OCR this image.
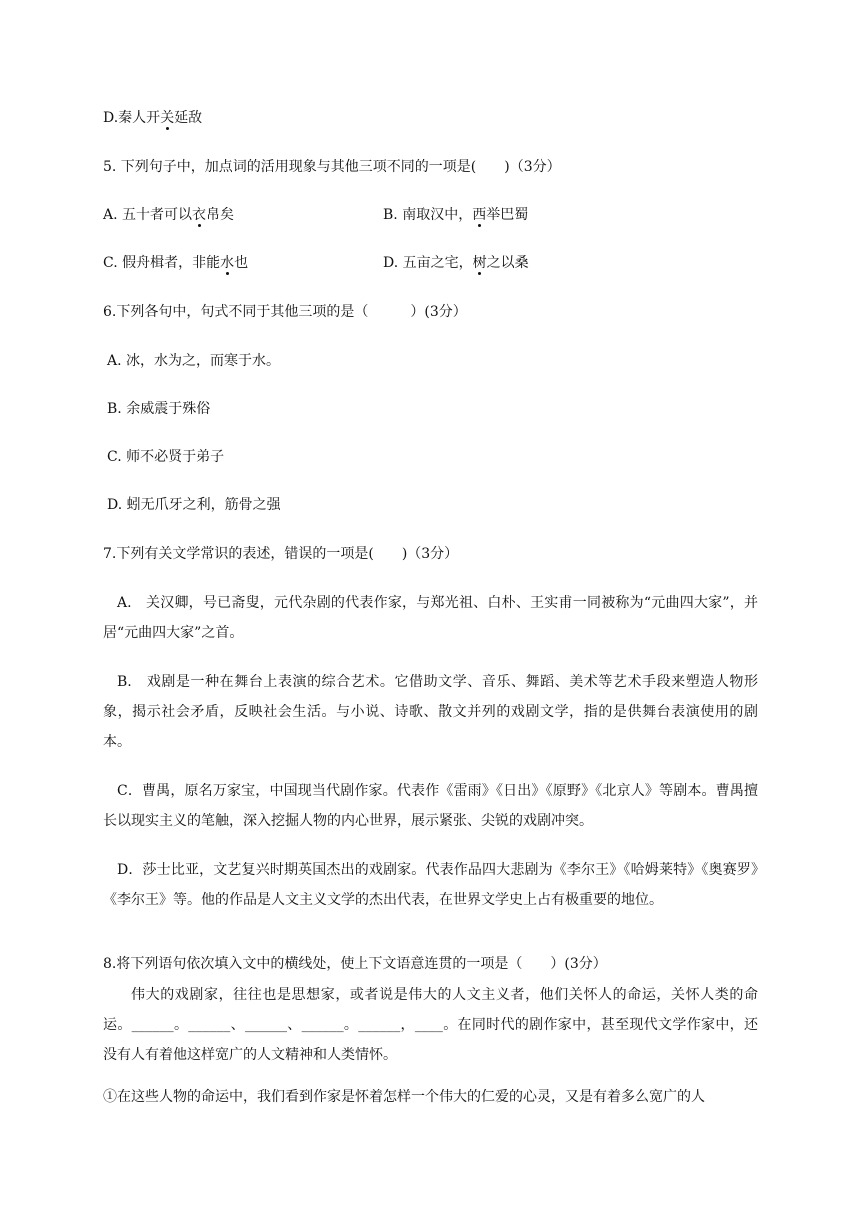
D.秦人开关延敌
5. 下列句子中，加点词的活用现象与其他三项不同的一项是(　　)（3分）
A. 五十者可以衣帛矣	B. 南取汉中，西举巴蜀
C. 假舟楫者，非能水也	D. 五亩之宅，树之以桑
6.下列各句中，句式不同于其他三项的是（　　　）(3分）
A. 冰，水为之，而寒于水。
B. 余威震于殊俗
C. 师不必贤于弟子
D. 蚓无爪牙之利，筋骨之强
7.下列有关文学常识的表述，错误的一项是(　　)（3分）
A.　关汉卿，号已斋叟，元代杂剧的代表作家，与郑光祖、白朴、王实甫一同被称为“元曲四大家”，并居“元曲四大家”之首。
B.　戏剧是一种在舞台上表演的综合艺术。它借助文学、音乐、舞蹈、美术等艺术手段来塑造人物形象，揭示社会矛盾，反映社会生活。与小说、诗歌、散文并列的戏剧文学，指的是供舞台表演使用的剧本。
C．曹禺，原名万家宝，中国现当代剧作家。代表作《雷雨》《日出》《原野》《北京人》等剧本。曹禺擅长以现实主义的笔触，深入挖掘人物的内心世界，展示紧张、尖锐的戏剧冲突。
D．莎士比亚，文艺复兴时期英国杰出的戏剧家。代表作品四大悲剧为《李尔王》《哈姆莱特》《奥赛罗》《李尔王》等。他的作品是人文主义文学的杰出代表，在世界文学史上占有极重要的地位。
8.将下列语句依次填入文中的横线处，使上下文语意连贯的一项是（　　）(3分）
伟大的戏剧家，往往也是思想家，或者说是伟大的人文主义者，他们关怀人的命运，关怀人类的命运。______。______、______、______。______，____。在同时代的剧作家中，甚至现代文学作家中，还没有人有着他这样宽广的人文精神和人类情怀。
①在这些人物的命运中，我们看到作家是怀着怎样一个伟大的仁爱的心灵，又是有着多么宽广的人
